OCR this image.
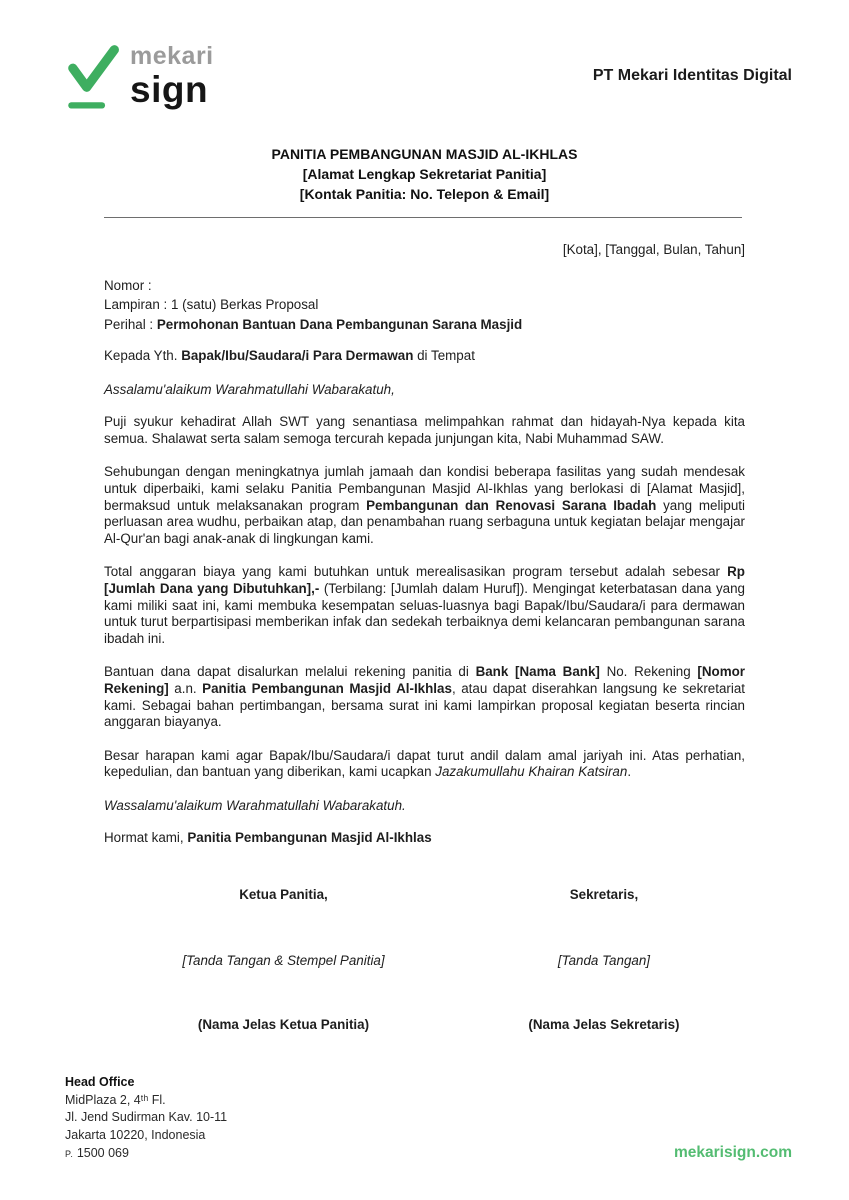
mekari
sign	PT Mekari Identitas Digital
PANITIA PEMBANGUNAN MASJID AL-IKHLAS
[Alamat Lengkap Sekretariat Panitia]
[Kontak Panitia: No. Telepon & Email]
[Kota], [Tanggal, Bulan, Tahun]
Nomor :
Lampiran : 1 (satu) Berkas Proposal
Perihal : Permohonan Bantuan Dana Pembangunan Sarana Masjid
Kepada Yth. Bapak/Ibu/Saudara/i Para Dermawan di Tempat
Assalamu'alaikum Warahmatullahi Wabarakatuh,

Puji syukur kehadirat Allah SWT yang senantiasa melimpahkan rahmat dan hidayah-Nya kepada kita semua. Shalawat serta salam semoga tercurah kepada junjungan kita, Nabi Muhammad SAW.

Sehubungan dengan meningkatnya jumlah jamaah dan kondisi beberapa fasilitas yang sudah mendesak untuk diperbaiki, kami selaku Panitia Pembangunan Masjid Al-Ikhlas yang berlokasi di [Alamat Masjid], bermaksud untuk melaksanakan program Pembangunan dan Renovasi Sarana Ibadah yang meliputi perluasan area wudhu, perbaikan atap, dan penambahan ruang serbaguna untuk kegiatan belajar mengajar Al-Qur'an bagi anak-anak di lingkungan kami.

Total anggaran biaya yang kami butuhkan untuk merealisasikan program tersebut adalah sebesar Rp [Jumlah Dana yang Dibutuhkan],- (Terbilang: [Jumlah dalam Huruf]). Mengingat keterbatasan dana yang kami miliki saat ini, kami membuka kesempatan seluas-luasnya bagi Bapak/Ibu/Saudara/i para dermawan untuk turut berpartisipasi memberikan infak dan sedekah terbaiknya demi kelancaran pembangunan sarana ibadah ini.

Bantuan dana dapat disalurkan melalui rekening panitia di Bank [Nama Bank] No. Rekening [Nomor Rekening] a.n. Panitia Pembangunan Masjid Al-Ikhlas, atau dapat diserahkan langsung ke sekretariat kami. Sebagai bahan pertimbangan, bersama surat ini kami lampirkan proposal kegiatan beserta rincian anggaran biayanya.

Besar harapan kami agar Bapak/Ibu/Saudara/i dapat turut andil dalam amal jariyah ini. Atas perhatian, kepedulian, dan bantuan yang diberikan, kami ucapkan Jazakumullahu Khairan Katsiran.

Wassalamu'alaikum Warahmatullahi Wabarakatuh.
Hormat kami, Panitia Pembangunan Masjid Al-Ikhlas
Ketua Panitia,
[Tanda Tangan & Stempel Panitia]
(Nama Jelas Ketua Panitia)
Sekretaris,
[Tanda Tangan]
(Nama Jelas Sekretaris)
Head Office
MidPlaza 2, 4ᵗʰ Fl.
Jl. Jend Sudirman Kav. 10-11
Jakarta 10220, Indonesia
P. 1500 069	mekarisign.com
